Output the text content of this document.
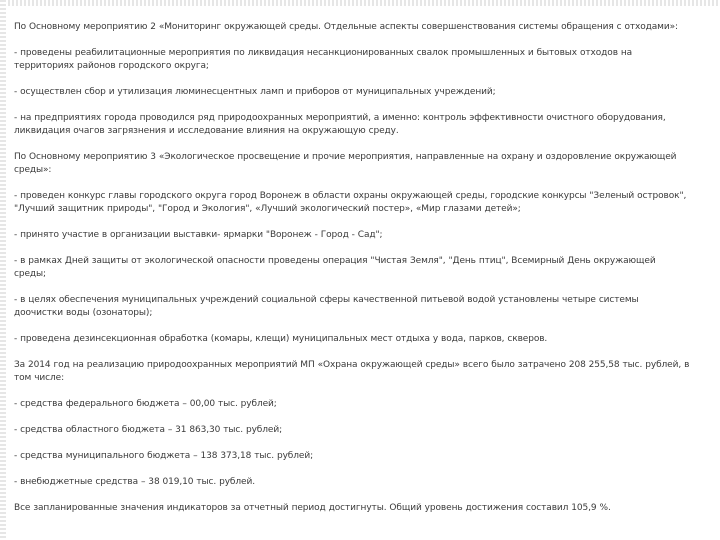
По Основному мероприятию 2 «Мониторинг окружающей среды. Отдельные аспекты совершенствования системы обращения с отходами»:

- проведены реабилитационные мероприятия по ликвидация несанкционированных свалок промышленных и бытовых отходов на территориях районов городского округа;

- осуществлен сбор и утилизация люминесцентных ламп и приборов от муниципальных учреждений;

- на предприятиях города проводился ряд природоохранных мероприятий, а именно: контроль эффективности очистного оборудования, ликвидация очагов загрязнения и исследование влияния на окружающую среду.

По Основному мероприятию 3 «Экологическое просвещение и прочие мероприятия, направленные на охрану и оздоровление окружающей среды»:

- проведен конкурс главы городского округа город Воронеж в области охраны окружающей среды, городские конкурсы "Зеленый островок", "Лучший защитник природы", "Город и Экология", «Лучший экологический постер», «Мир глазами детей»;

- принято участие в организации выставки- ярмарки "Воронеж - Город - Сад";

- в рамках Дней защиты от экологической опасности проведены операция "Чистая Земля", "День птиц", Всемирный День окружающей среды;

- в целях обеспечения муниципальных учреждений социальной сферы качественной питьевой водой установлены четыре системы доочистки воды (озонаторы);

- проведена дезинсекционная обработка (комары, клещи) муниципальных мест отдыха у вода, парков, скверов.

За 2014 год на реализацию природоохранных мероприятий МП «Охрана окружающей среды» всего было затрачено 208 255,58 тыс. рублей, в том числе:

- средства федерального бюджета – 00,00 тыс. рублей;

- средства областного бюджета – 31 863,30 тыс. рублей;

- средства муниципального бюджета – 138 373,18 тыс. рублей;

- внебюджетные средства – 38 019,10 тыс. рублей.

Все запланированные значения индикаторов за отчетный период достигнуты. Общий уровень достижения составил 105,9 %.
